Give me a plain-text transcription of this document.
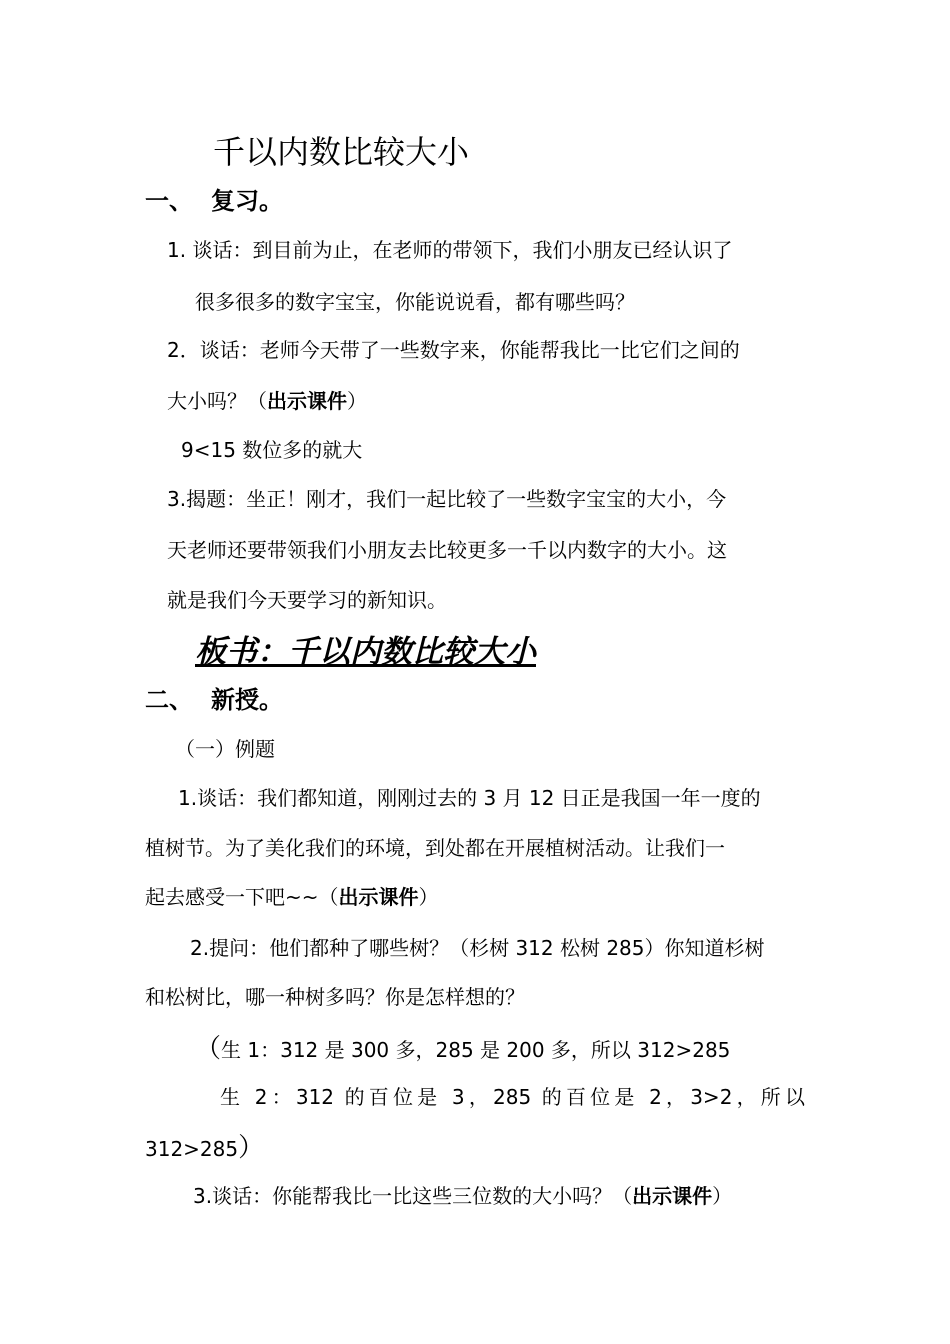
千以内数比较大小
一、 复习。
1. 谈话：到目前为止，在老师的带领下，我们小朋友已经认识了
很多很多的数字宝宝，你能说说看，都有哪些吗？
2．谈话：老师今天带了一些数字来，你能帮我比一比它们之间的
大小吗？（出示课件）
9<15 数位多的就大
3.揭题：坐正！刚才，我们一起比较了一些数字宝宝的大小，今
天老师还要带领我们小朋友去比较更多一千以内数字的大小。这
就是我们今天要学习的新知识。
板书：千以内数比较大小
二、 新授。
（一）例题
1.谈话：我们都知道，刚刚过去的 3 月 12 日正是我国一年一度的
植树节。为了美化我们的环境，到处都在开展植树活动。让我们一
起去感受一下吧~~（出示课件）
2.提问：他们都种了哪些树？（杉树 312 松树 285）你知道杉树
和松树比，哪一种树多吗？你是怎样想的？
（生 1：312 是 300 多，285 是 200 多，所以 312>285
生 2：312 的百位是 3，285 的百位是 2，3>2，所以
312>285）
3.谈话：你能帮我比一比这些三位数的大小吗？（出示课件）
